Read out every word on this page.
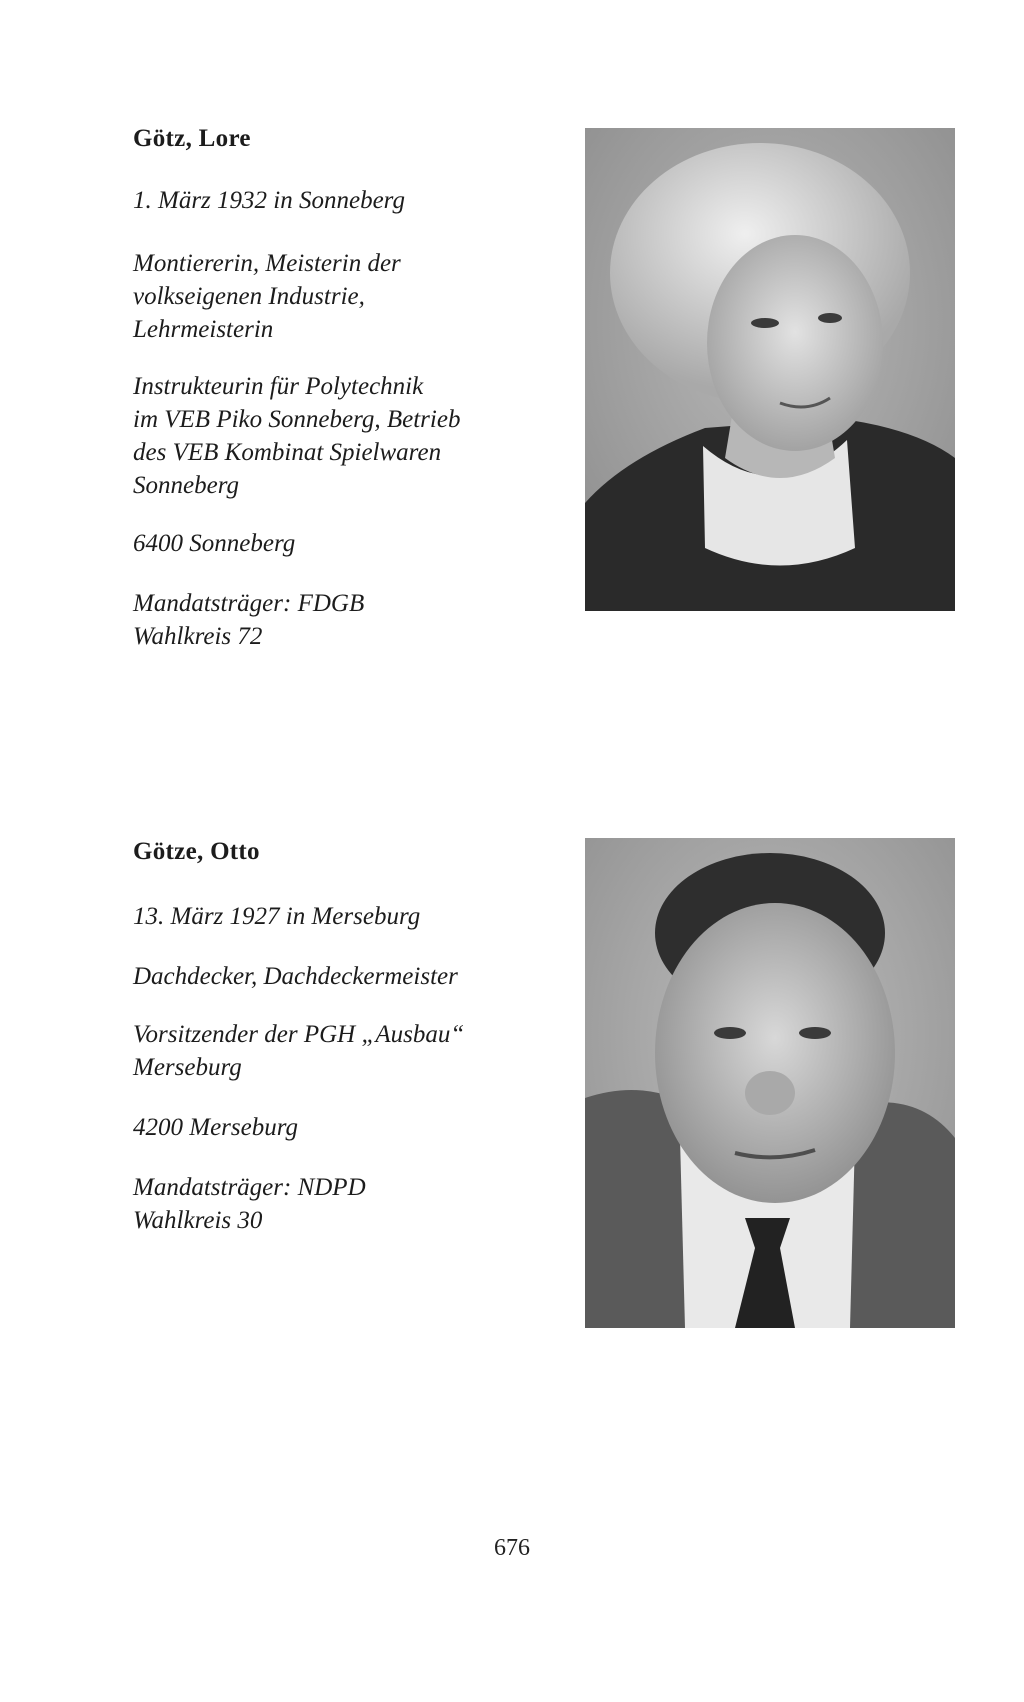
Götz, Lore

1. März 1932 in Sonneberg

Montiererin, Meisterin der

volkseigenen Industrie,

Lehrmeisterin

Instrukteurin für Polytechnik

im VEB Piko Sonneberg, Betrieb

des VEB Kombinat Spielwaren

Sonneberg

6400 Sonneberg

Mandatsträger: FDGB

Wahlkreis 72

Götze, Otto

13. März 1927 in Merseburg

Dachdecker, Dachdeckermeister

Vorsitzender der PGH „Ausbau“

Merseburg

4200 Merseburg

Mandatsträger: NDPD

Wahlkreis 30

676
